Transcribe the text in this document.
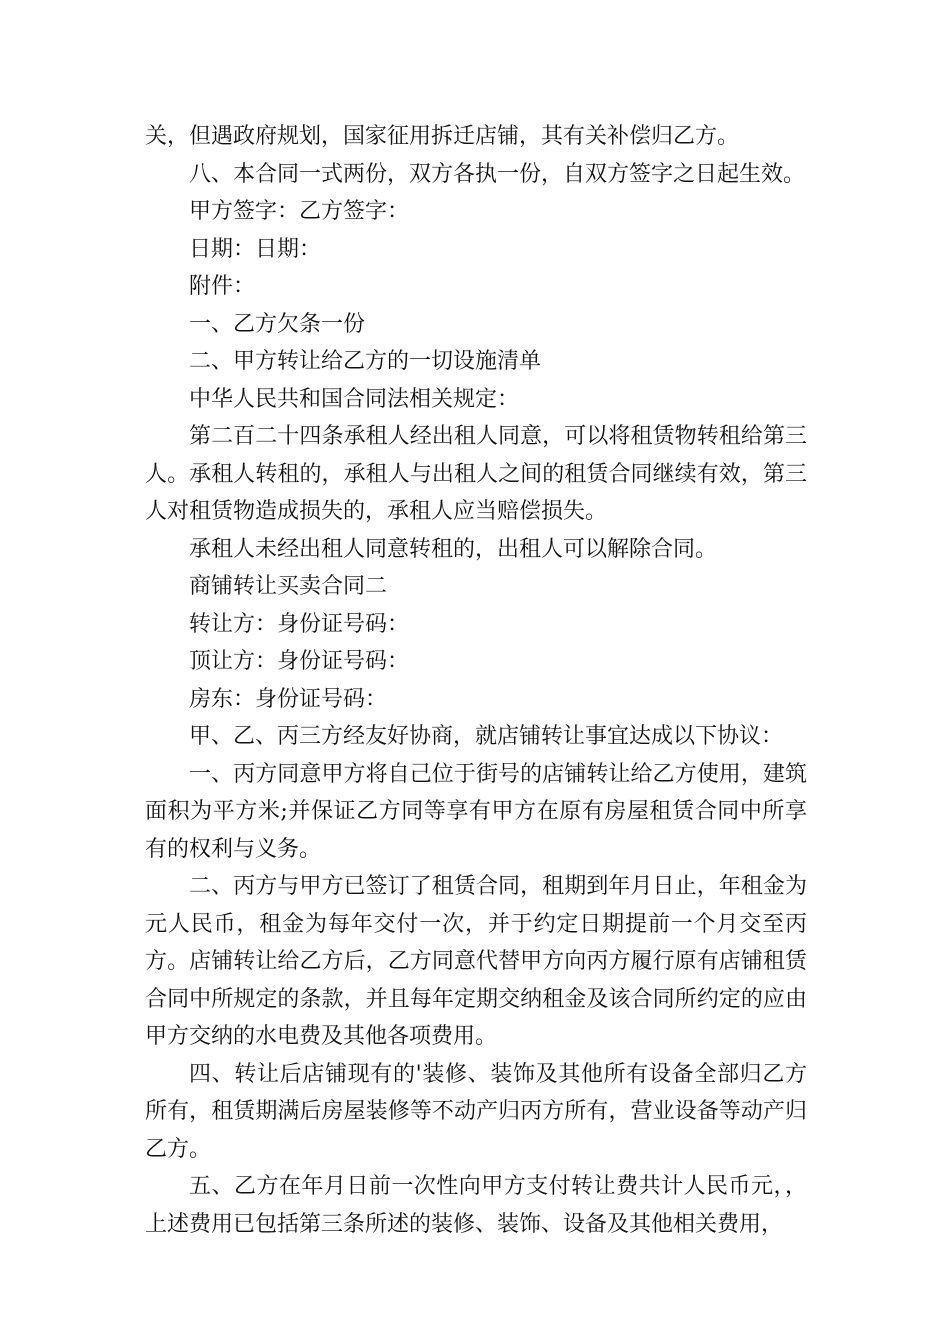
关，但遇政府规划，国家征用拆迁店铺，其有关补偿归乙方。

八、本合同一式两份，双方各执一份，自双方签字之日起生效。

甲方签字：乙方签字：

日期：日期：

附件：

一、乙方欠条一份

二、甲方转让给乙方的一切设施清单

中华人民共和国合同法相关规定：

第二百二十四条承租人经出租人同意，可以将租赁物转租给第三人。承租人转租的，承租人与出租人之间的租赁合同继续有效，第三人对租赁物造成损失的，承租人应当赔偿损失。

承租人未经出租人同意转租的，出租人可以解除合同。

商铺转让买卖合同二

转让方：身份证号码：

顶让方：身份证号码：

房东：身份证号码：

甲、乙、丙三方经友好协商，就店铺转让事宜达成以下协议：

一、丙方同意甲方将自己位于街号的店铺转让给乙方使用，建筑面积为平方米;并保证乙方同等享有甲方在原有房屋租赁合同中所享有的权利与义务。

二、丙方与甲方已签订了租赁合同，租期到年月日止，年租金为元人民币，租金为每年交付一次，并于约定日期提前一个月交至丙方。店铺转让给乙方后，乙方同意代替甲方向丙方履行原有店铺租赁合同中所规定的条款，并且每年定期交纳租金及该合同所约定的应由甲方交纳的水电费及其他各项费用。

四、转让后店铺现有的'装修、装饰及其他所有设备全部归乙方所有，租赁期满后房屋装修等不动产归丙方所有，营业设备等动产归乙方。

五、乙方在年月日前一次性向甲方支付转让费共计人民币元，，上述费用已包括第三条所述的装修、装饰、设备及其他相关费用，
